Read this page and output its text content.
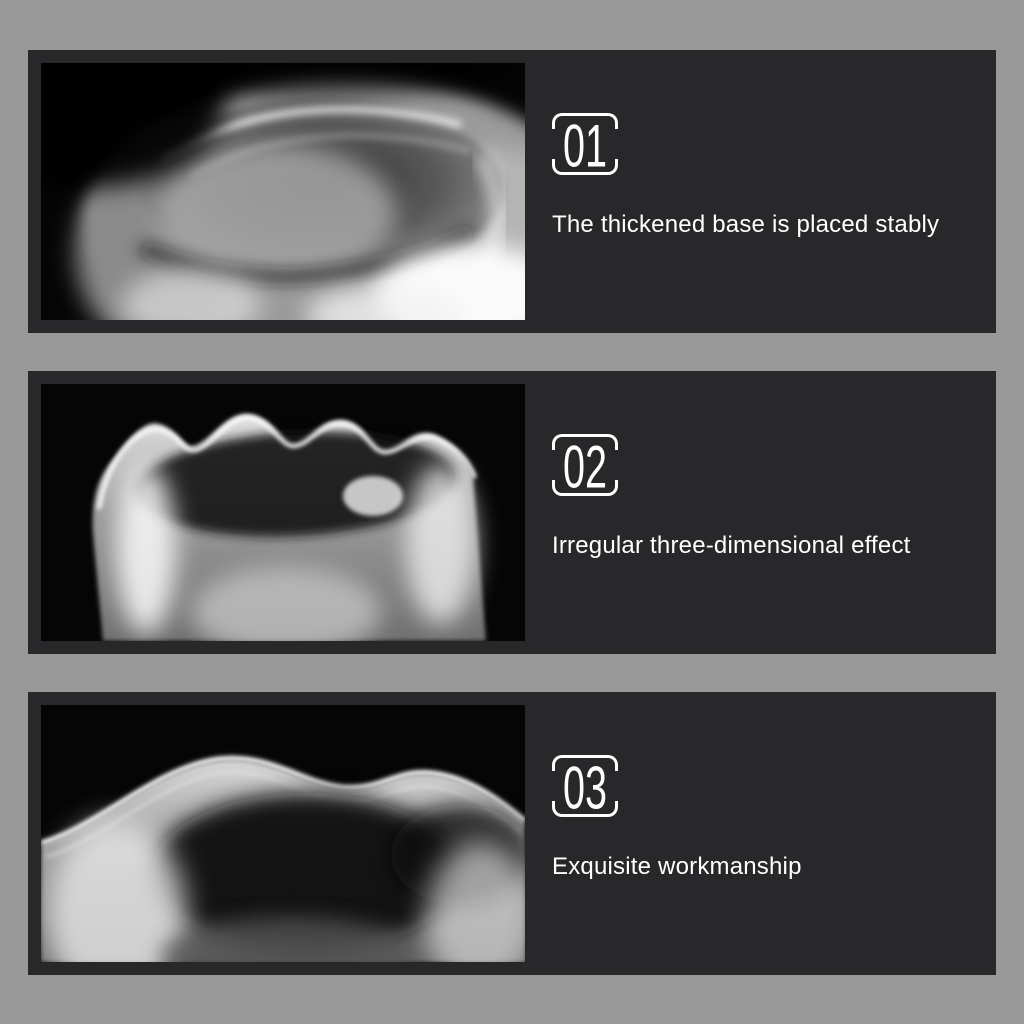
01

The thickened base is placed stably

02

Irregular three-dimensional effect

03

Exquisite workmanship
